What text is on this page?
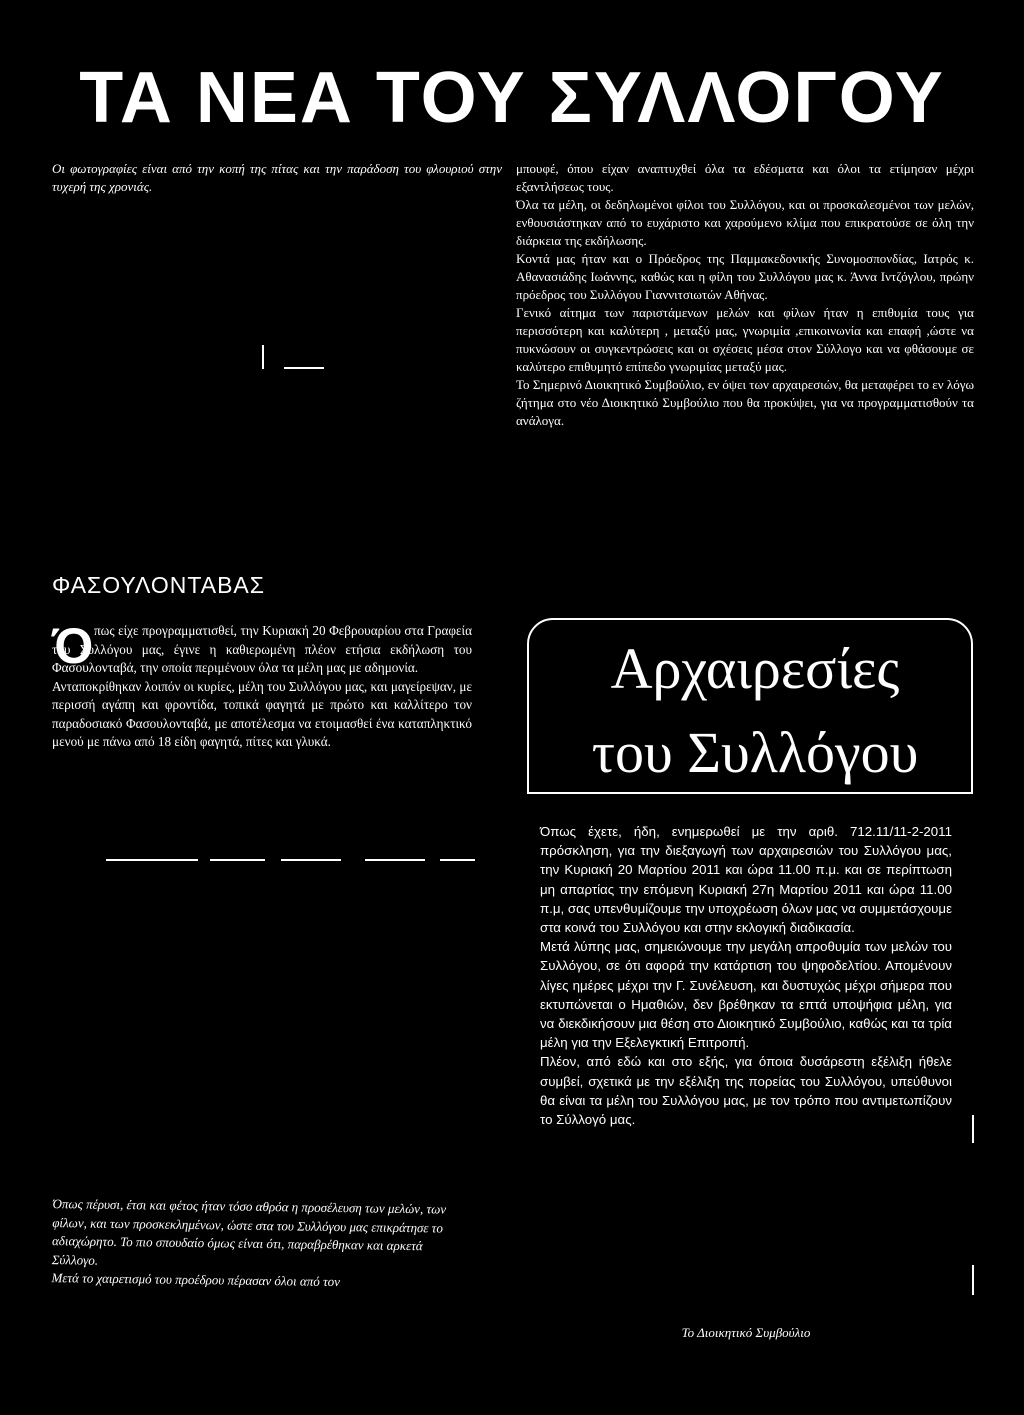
ΤΑ ΝΕΑ ΤΟΥ ΣΥΛΛΟΓΟΥ
Οι φωτογραφίες είναι από την κοπή της πίτας και την παράδοση του φλουριού στην τυχερή της χρονιάς.

μπουφέ, όπου είχαν αναπτυχθεί όλα τα εδέσματα και όλοι τα ετίμησαν μέχρι εξαντλήσεως τους.

Όλα τα μέλη, οι δεδηλωμένοι φίλοι του Συλλόγου, και οι προσκαλεσμένοι των μελών, ενθουσιάστηκαν από το ευχάριστο και χαρούμενο κλίμα που επικρατούσε σε όλη την διάρκεια της εκδήλωσης.

Κοντά μας ήταν και ο Πρόεδρος της Παμμακεδονικής Συνομοσπονδίας, Ιατρός κ. Αθανασιάδης Ιωάννης, καθώς και η φίλη του Συλλόγου μας κ. Άννα Ιντζόγλου, πρώην πρόεδρος του Συλλόγου Γιαννιτσιωτών Αθήνας.

Γενικό αίτημα των παριστάμενων μελών και φίλων ήταν η επιθυμία τους για περισσότερη και καλύτερη , μεταξύ μας, γνωριμία ,επικοινωνία και επαφή ,ώστε να πυκνώσουν οι συγκεντρώσεις και οι σχέσεις μέσα στον Σύλλογο και να φθάσουμε σε καλύτερο επιθυμητό επίπεδο γνωριμίας μεταξύ μας.

Το Σημερινό Διοικητικό Συμβούλιο, εν όψει των αρχαιρεσιών, θα μεταφέρει το εν λόγω ζήτημα στο νέο Διοικητικό Συμβούλιο που θα προκύψει, για να προγραμματισθούν τα ανάλογα.

ΦΑΣΟΥΛΟΝΤΑΒΑΣ
Ό πως είχε προγραμματισθεί, την Κυριακή 20 Φεβρουαρίου στα Γραφεία του Συλλόγου μας, έγινε η καθιερωμένη πλέον ετήσια εκδήλωση του Φασουλονταβά, την οποία περιμένουν όλα τα μέλη μας με αδημονία.

Ανταποκρίθηκαν λοιπόν οι κυρίες, μέλη του Συλλόγου μας, και μαγείρεψαν, με περισσή αγάπη και φροντίδα, τοπικά φαγητά με πρώτο και καλλίτερο τον παραδοσιακό Φασουλονταβά, με αποτέλεσμα να ετοιμασθεί ένα καταπληκτικό μενού με πάνω από 18 είδη φαγητά, πίτες και γλυκά.

Αρχαιρεσίες
του Συλλόγου

Όπως έχετε, ήδη, ενημερωθεί με την αριθ. 712.11/11-2-2011 πρόσκληση, για την διεξαγωγή των αρχαιρεσιών του Συλλόγου μας, την Κυριακή 20 Μαρτίου 2011 και ώρα 11.00 π.μ. και σε περίπτωση μη απαρτίας την επόμενη Κυριακή 27η Μαρτίου 2011 και ώρα 11.00 π.μ, σας υπενθυμίζουμε την υποχρέωση όλων μας να συμμετάσχουμε στα κοινά του Συλλόγου και στην εκλογική διαδικασία.

Μετά λύπης μας, σημειώνουμε την μεγάλη απροθυμία των μελών του Συλλόγου, σε ότι αφορά την κατάρτιση του ψηφοδελτίου. Απομένουν λίγες ημέρες μέχρι την Γ. Συνέλευση, και δυστυχώς μέχρι σήμερα που εκτυπώνεται ο Ημαθιών, δεν βρέθηκαν τα επτά υποψήφια μέλη, για να διεκδικήσουν μια θέση στο Διοικητικό Συμβούλιο, καθώς και τα τρία μέλη για την Εξελεγκτική Επιτροπή.

Πλέον, από εδώ και στο εξής, για όποια δυσάρεστη εξέλιξη ήθελε συμβεί, σχετικά με την εξέλιξη της πορείας του Συλλόγου, υπεύθυνοι θα είναι τα μέλη του Συλλόγου μας, με τον τρόπο που αντιμετωπίζουν το Σύλλογό μας.

Το Διοικητικό Συμβούλιο

Όπως πέρυσι, έτσι και φέτος ήταν τόσο αθρόα η προσέλευση των μελών, των φίλων, και των προσκεκλημένων, ώστε στα του Συλλόγου μας επικράτησε το αδιαχώρητο. Το πιο σπουδαίο όμως είναι ότι, παραβρέθηκαν και αρκετά Σύλλογο.

Μετά το χαιρετισμό του προέδρου πέρασαν όλοι από τον
